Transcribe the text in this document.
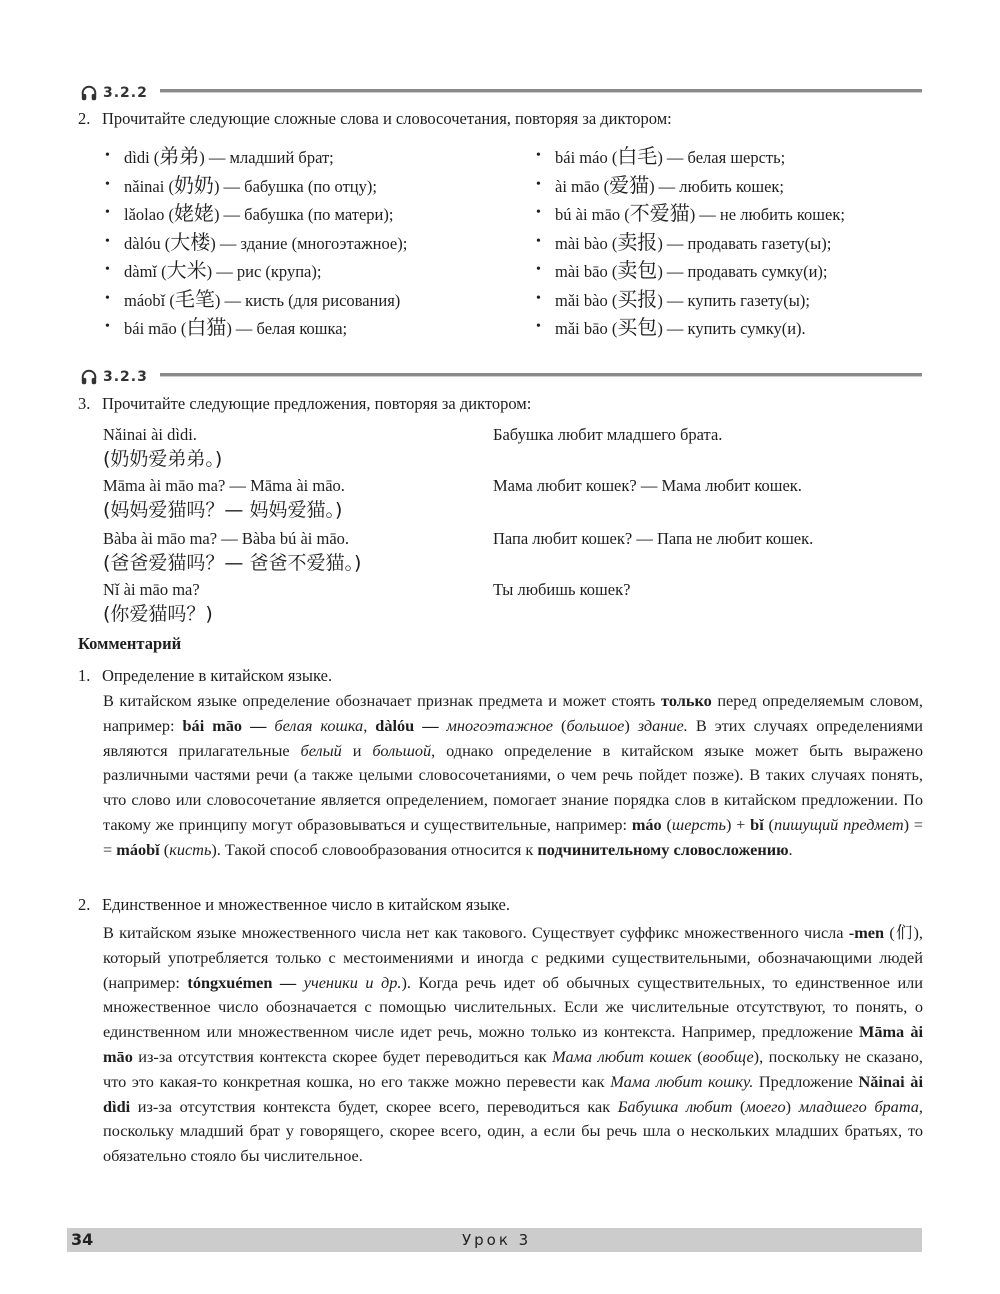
3.2.2
2. Прочитайте следующие сложные слова и словосочетания, повторяя за диктором:
• dìdi (弟弟) — младший брат;
• nǎinai (奶奶) — бабушка (по отцу);
• lǎolao (姥姥) — бабушка (по матери);
• dàlóu (大楼) — здание (многоэтажное);
• dàmǐ (大米) — рис (крупа);
• máobǐ (毛笔) — кисть (для рисования)
• bái māo (白猫) — белая кошка;
• bái máo (白毛) — белая шерсть;
• ài māo (爱猫) — любить кошек;
• bú ài māo (不爱猫) — не любить кошек;
• mài bào (卖报) — продавать газету(ы);
• mài bāo (卖包) — продавать сумку(и);
• mǎi bào (买报) — купить газету(ы);
• mǎi bāo (买包) — купить сумку(и).
3.2.3
3. Прочитайте следующие предложения, повторяя за диктором:
Nǎinai ài dìdi.
(奶奶爱弟弟。)
Бабушка любит младшего брата.
Māma ài māo ma? — Māma ài māo.
(妈妈爱猫吗？— 妈妈爱猫。)
Мама любит кошек? — Мама любит кошек.
Bàba ài māo ma? — Bàba bú ài māo.
(爸爸爱猫吗？— 爸爸不爱猫。)
Папа любит кошек? — Папа не любит кошек.
Nǐ ài māo ma?
(你爱猫吗？)
Ты любишь кошек?
Комментарий
1. Определение в китайском языке.
В китайском языке определение обозначает признак предмета и может стоять только перед определяемым словом, например: bái māo — белая кошка, dàlóu — многоэтажное (большое) здание. В этих случаях определениями являются прилагательные белый и большой, однако определение в китайском языке может быть выражено различными частями речи (а также целыми словосочетаниями, о чем речь пойдет позже). В таких случаях понять, что слово или словосочетание является определением, помогает знание порядка слов в китайском предложении. По такому же принципу могут образовываться и существительные, например: máo (шерсть) + bǐ (пишущий предмет) = = máobǐ (кисть). Такой способ словообразования относится к подчинительному словосложению.
2. Единственное и множественное число в китайском языке.
В китайском языке множественного числа нет как такового. Существует суффикс множественного числа -men (们), который употребляется только с местоимениями и иногда с редкими существительными, обозначающими людей (например: tóngxuémen — ученики и др.). Когда речь идет об обычных существительных, то единственное или множественное число обозначается с помощью числительных. Если же числительные отсутствуют, то понять, о единственном или множественном числе идет речь, можно только из контекста. Например, предложение Māma ài māo из-за отсутствия контекста скорее будет переводиться как Мама любит кошек (вообще), поскольку не сказано, что это какая-то конкретная кошка, но его также можно перевести как Мама любит кошку. Предложение Nǎinai ài dìdi из-за отсутствия контекста будет, скорее всего, переводиться как Бабушка любит (моего) младшего брата, поскольку младший брат у говорящего, скорее всего, один, а если бы речь шла о нескольких младших братьях, то обязательно стояло бы числительное.
34	Урок 3
